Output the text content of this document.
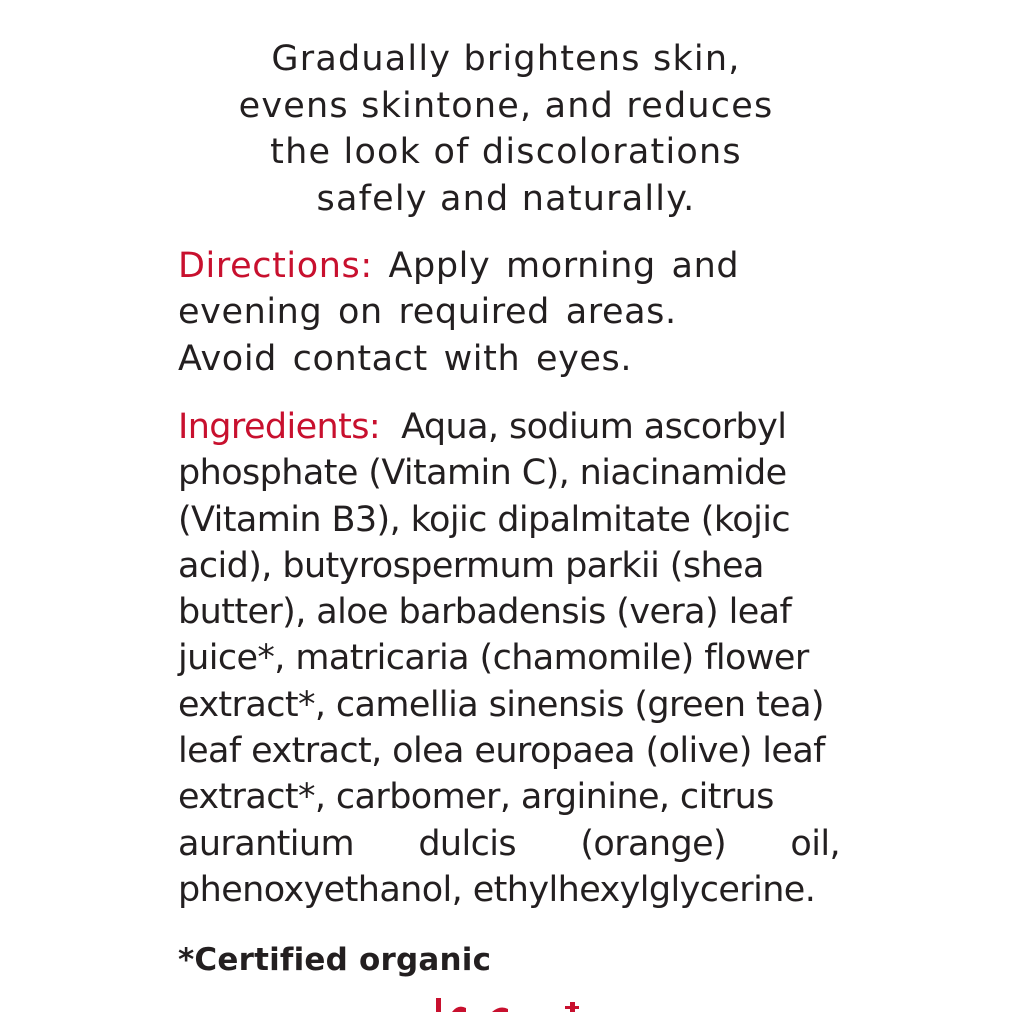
Gradually brightens skin,
evens skintone, and reduces
the look of discolorations
safely and naturally.
Directions: Apply morning and
evening on required areas.
Avoid contact with eyes.
Ingredients: Aqua, sodium ascorbyl
phosphate (Vitamin C), niacinamide
(Vitamin B3), kojic dipalmitate (kojic
acid), butyrospermum parkii (shea
butter), aloe barbadensis (vera) leaf
juice*, matricaria (chamomile) flower
extract*, camellia sinensis (green tea)
leaf extract, olea europaea (olive) leaf
extract*, carbomer, arginine, citrus
aurantium dulcis (orange) oil,
phenoxyethanol, ethylhexylglycerine.
*Certified organic
